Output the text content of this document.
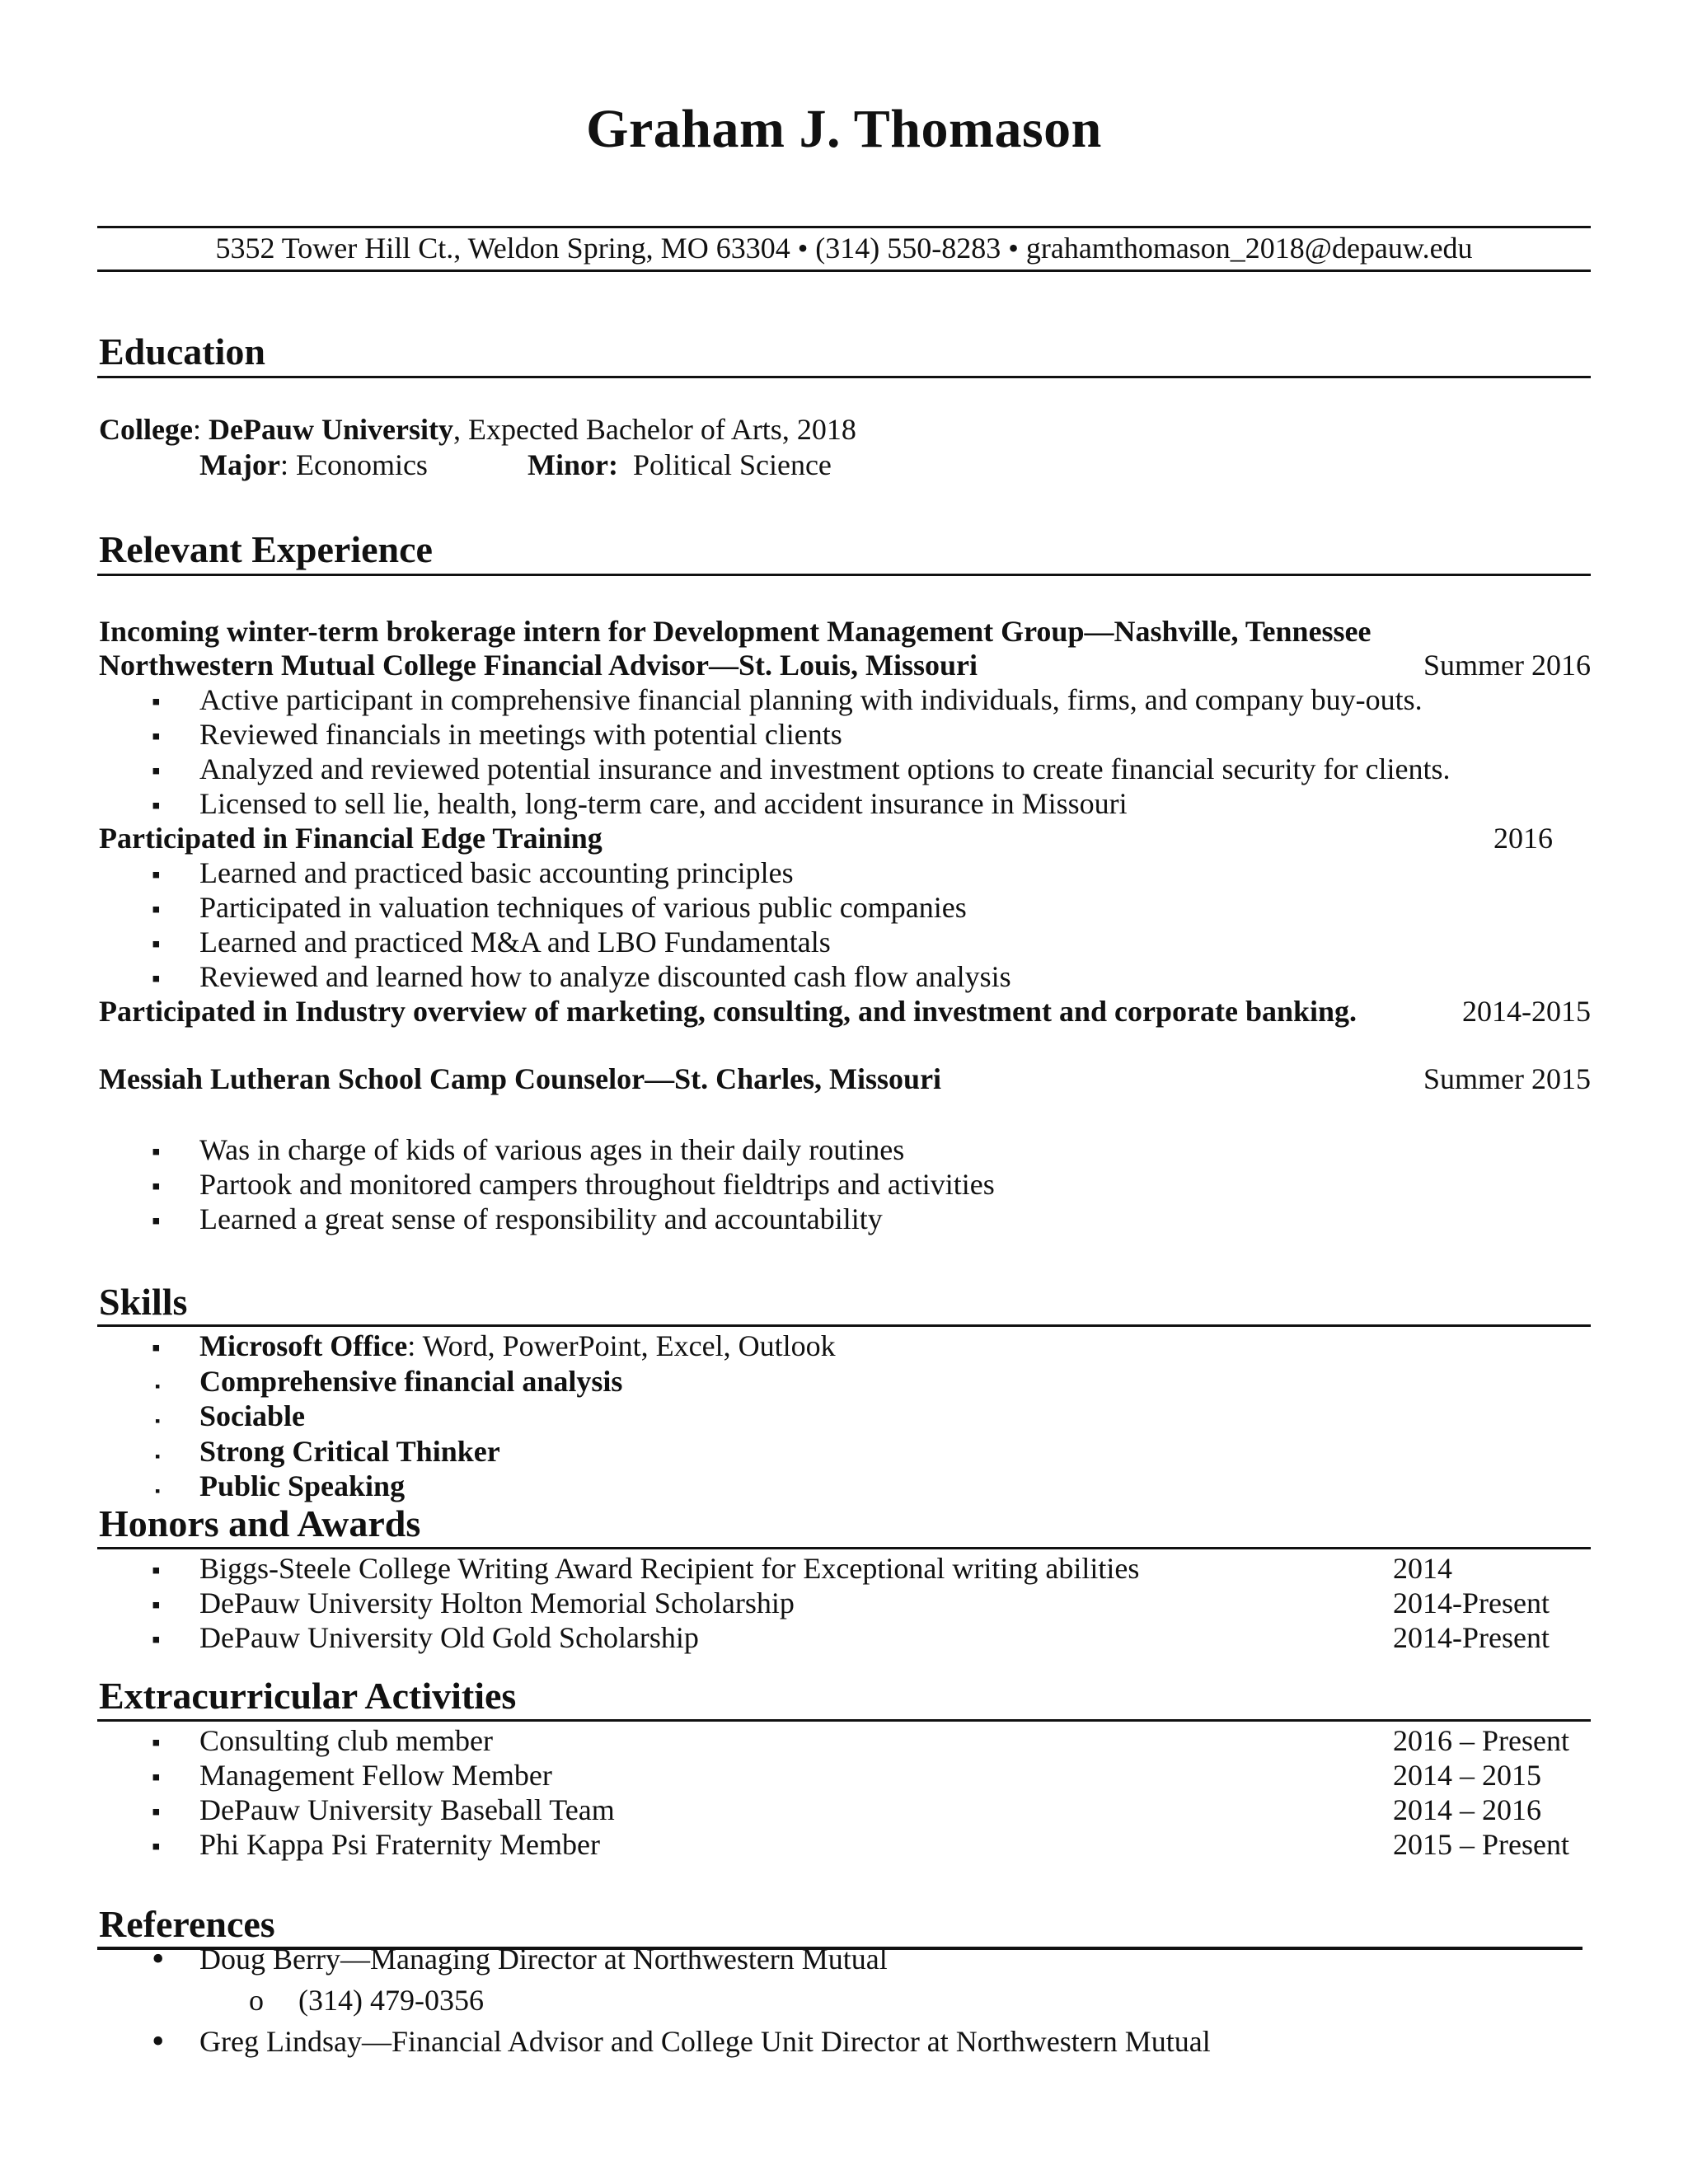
Graham J. Thomason
5352 Tower Hill Ct., Weldon Spring, MO 63304 • (314) 550-8283 • grahamthomason_2018@depauw.edu
Education
College: DePauw University, Expected Bachelor of Arts, 2018
Major: Economics	Minor: Political Science
Relevant Experience
Incoming winter-term brokerage intern for Development Management Group—Nashville, Tennessee
Northwestern Mutual College Financial Advisor—St. Louis, Missouri	Summer 2016
▪
Active participant in comprehensive financial planning with individuals, firms, and company buy-outs.
▪
Reviewed financials in meetings with potential clients
▪
Analyzed and reviewed potential insurance and investment options to create financial security for clients.
▪
Licensed to sell lie, health, long-term care, and accident insurance in Missouri
Participated in Financial Edge Training	2016
▪
Learned and practiced basic accounting principles
▪
Participated in valuation techniques of various public companies
▪
Learned and practiced M&A and LBO Fundamentals
▪
Reviewed and learned how to analyze discounted cash flow analysis
Participated in Industry overview of marketing, consulting, and investment and corporate banking.	2014-2015
Messiah Lutheran School Camp Counselor—St. Charles, Missouri	Summer 2015
▪
Was in charge of kids of various ages in their daily routines
▪
Partook and monitored campers throughout fieldtrips and activities
▪
Learned a great sense of responsibility and accountability
Skills
▪
Microsoft Office: Word, PowerPoint, Excel, Outlook
▪
Comprehensive financial analysis
▪
Sociable
▪
Strong Critical Thinker
▪
Public Speaking
Honors and Awards
▪
Biggs-Steele College Writing Award Recipient for Exceptional writing abilities	2014
▪
DePauw University Holton Memorial Scholarship	2014-Present
▪
DePauw University Old Gold Scholarship	2014-Present
Extracurricular Activities
▪
Consulting club member	2016 – Present
▪
Management Fellow Member	2014 – 2015
▪
DePauw University Baseball Team	2014 – 2016
▪
Phi Kappa Psi Fraternity Member	2015 – Present
References
•
Doug Berry—Managing Director at Northwestern Mutual
o (314) 479-0356
•
Greg Lindsay—Financial Advisor and College Unit Director at Northwestern Mutual
